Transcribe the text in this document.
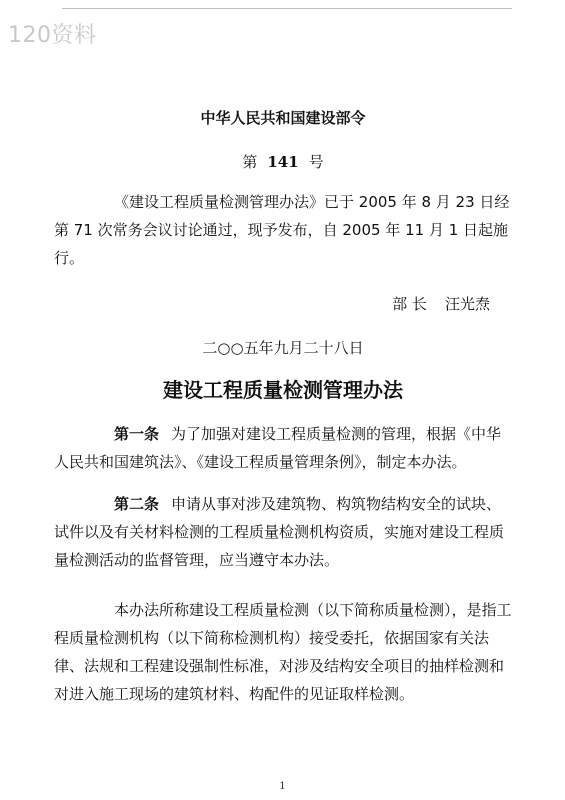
120资料
中华人民共和国建设部令
第 141 号

《建设工程质量检测管理办法》已于 2005 年 8 月 23 日经第 71 次常务会议讨论通过，现予发布，自 2005 年 11 月 1 日起施行。

部 长 汪光焘
二○○五年九月二十八日
建设工程质量检测管理办法

第一条 为了加强对建设工程质量检测的管理，根据《中华人民共和国建筑法》、《建设工程质量管理条例》，制定本办法。

第二条 申请从事对涉及建筑物、构筑物结构安全的试块、试件以及有关材料检测的工程质量检测机构资质，实施对建设工程质量检测活动的监督管理，应当遵守本办法。

本办法所称建设工程质量检测（以下简称质量检测），是指工程质量检测机构（以下简称检测机构）接受委托，依据国家有关法律、法规和工程建设强制性标准，对涉及结构安全项目的抽样检测和对进入施工现场的建筑材料、构配件的见证取样检测。

1
